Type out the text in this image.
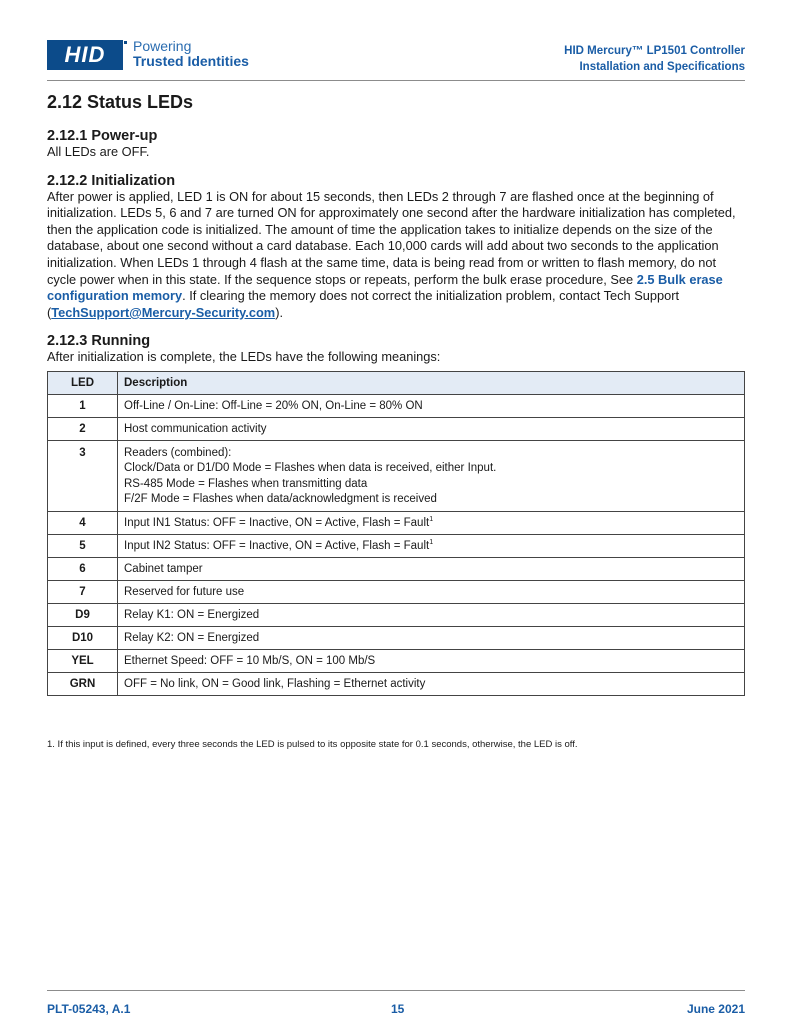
HID	Powering
Trusted Identities
HID Mercury™ LP1501 Controller
Installation and Specifications
2.12 Status LEDs
2.12.1 Power-up

All LEDs are OFF.

2.12.2 Initialization

After power is applied, LED 1 is ON for about 15 seconds, then LEDs 2 through 7 are flashed once at the beginning of initialization. LEDs 5, 6 and 7 are turned ON for approximately one second after the hardware initialization has completed, then the application code is initialized. The amount of time the application takes to initialize depends on the size of the database, about one second without a card database. Each 10,000 cards will add about two seconds to the application initialization. When LEDs 1 through 4 flash at the same time, data is being read from or written to flash memory, do not cycle power when in this state. If the sequence stops or repeats, perform the bulk erase procedure, See 2.5 Bulk erase configuration memory. If clearing the memory does not correct the initialization problem, contact Tech Support (TechSupport@Mercury-Security.com).

2.12.3 Running

After initialization is complete, the LEDs have the following meanings:

LED	Description
1	Off-Line / On-Line: Off-Line = 20% ON, On-Line = 80% ON
2	Host communication activity
3	Readers (combined):
Clock/Data or D1/D0 Mode = Flashes when data is received, either Input.
RS-485 Mode = Flashes when transmitting data
F/2F Mode = Flashes when data/acknowledgment is received

4	Input IN1 Status: OFF = Inactive, ON = Active, Flash = Fault$^1$
5	Input IN2 Status: OFF = Inactive, ON = Active, Flash = Fault$^1$
6	Cabinet tamper
7	Reserved for future use
D9	Relay K1: ON = Energized
D10	Relay K2: ON = Energized
YEL	Ethernet Speed: OFF = 10 Mb/S, ON = 100 Mb/S
GRN	OFF = No link, ON = Good link, Flashing = Ethernet activity
1. If this input is defined, every three seconds the LED is pulsed to its opposite state for 0.1 seconds, otherwise, the LED is off.
PLT-05243, A.1	15	June 2021
